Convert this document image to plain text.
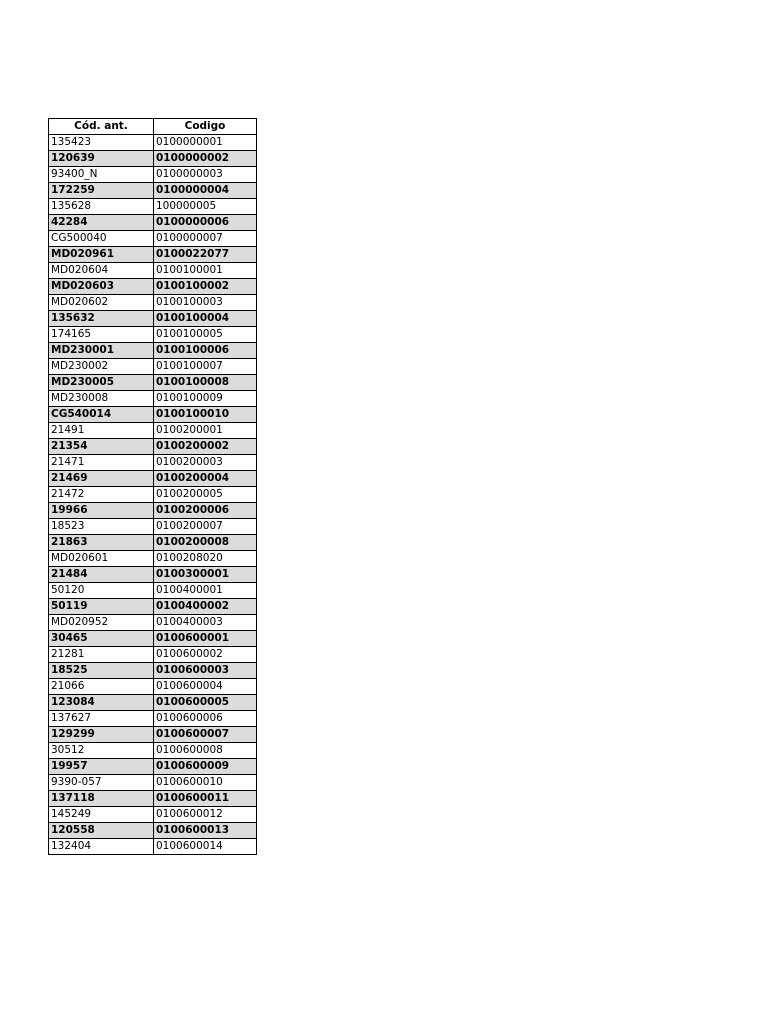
Cód. ant.	Codigo
135423	0100000001
120639	0100000002
93400_N	0100000003
172259	0100000004
135628	100000005
42284	0100000006
CG500040	0100000007
MD020961	0100022077
MD020604	0100100001
MD020603	0100100002
MD020602	0100100003
135632	0100100004
174165	0100100005
MD230001	0100100006
MD230002	0100100007
MD230005	0100100008
MD230008	0100100009
CG540014	0100100010
21491	0100200001
21354	0100200002
21471	0100200003
21469	0100200004
21472	0100200005
19966	0100200006
18523	0100200007
21863	0100200008
MD020601	0100208020
21484	0100300001
50120	0100400001
50119	0100400002
MD020952	0100400003
30465	0100600001
21281	0100600002
18525	0100600003
21066	0100600004
123084	0100600005
137627	0100600006
129299	0100600007
30512	0100600008
19957	0100600009
9390-057	0100600010
137118	0100600011
145249	0100600012
120558	0100600013
132404	0100600014
